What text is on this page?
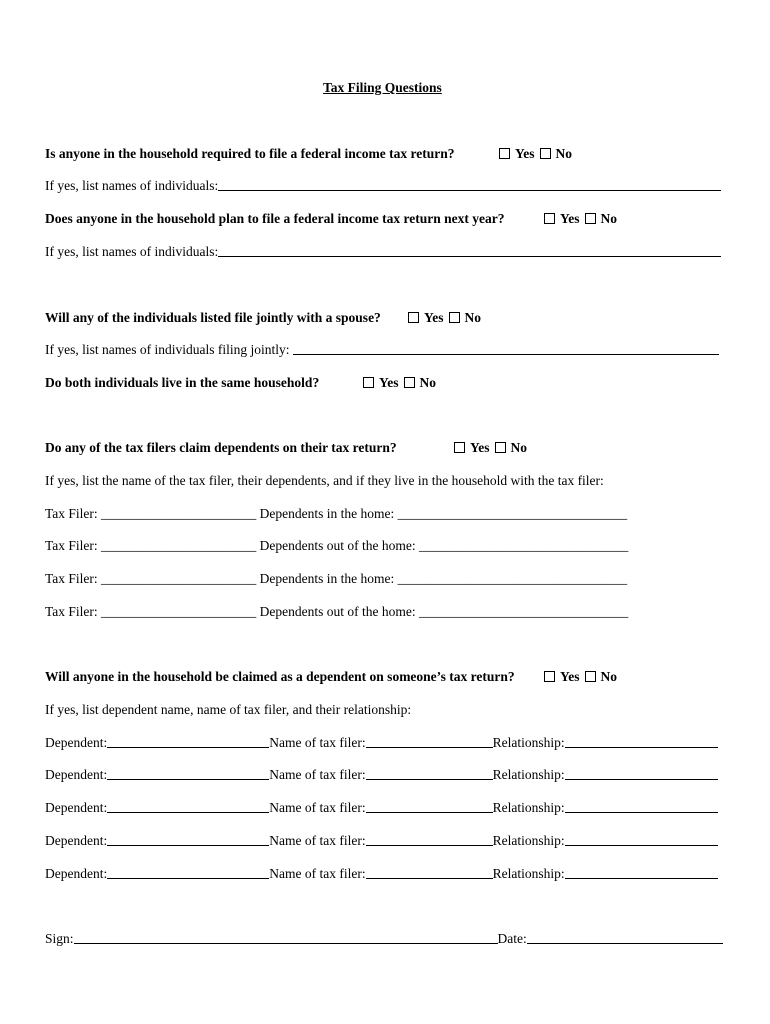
Tax Filing Questions
Is anyone in the household required to file a federal income tax return?	Yes No
If yes, list names of individuals:
Does anyone in the household plan to file a federal income tax return next year?	Yes No
If yes, list names of individuals:
Will any of the individuals listed file jointly with a spouse?	Yes No
If yes, list names of individuals filing jointly:
Do both individuals live in the same household?	Yes No
Do any of the tax filers claim dependents on their tax return?	Yes No
If yes, list the name of the tax filer, their dependents, and if they live in the household with the tax filer:
Tax Filer: _______________________ Dependents in the home: __________________________________
Tax Filer: _______________________ Dependents out of the home: _______________________________
Tax Filer: _______________________ Dependents in the home: __________________________________
Tax Filer: _______________________ Dependents out of the home: _______________________________
Will anyone in the household be claimed as a dependent on someone’s tax return?	Yes No
If yes, list dependent name, name of tax filer, and their relationship:
Dependent:	Name of tax filer:	Relationship:
Dependent:	Name of tax filer:	Relationship:
Dependent:	Name of tax filer:	Relationship:
Dependent:	Name of tax filer:	Relationship:
Dependent:	Name of tax filer:	Relationship:
Sign:	Date:
